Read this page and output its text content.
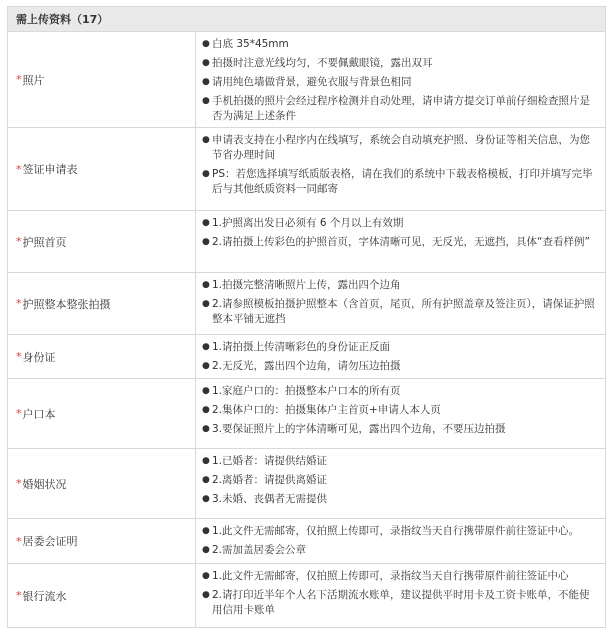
需上传资料（17）
* 照片
● 白底 35*45mm
● 拍摄时注意光线均匀，不要佩戴眼镜，露出双耳
● 请用纯色墙做背景，避免衣服与背景色相同
● 手机拍摄的照片会经过程序检测并自动处理，请申请方提交订单前仔细检查照片是否为满足上述条件
* 签证申请表
● 申请表支持在小程序内在线填写，系统会自动填充护照、身份证等相关信息，为您节省办理时间
● PS：若您选择填写纸质版表格，请在我们的系统中下载表格模板，打印并填写完毕后与其他纸质资料一同邮寄
* 护照首页
● 1.护照离出发日必须有 6 个月以上有效期
● 2.请拍摄上传彩色的护照首页，字体清晰可见，无反光，无遮挡，具体“查看样例”
* 护照整本整张拍摄
● 1.拍摄完整清晰照片上传，露出四个边角
● 2.请参照模板拍摄护照整本（含首页，尾页，所有护照盖章及签注页），请保证护照整本平铺无遮挡
* 身份证
● 1.请拍摄上传清晰彩色的身份证正反面
● 2.无反光，露出四个边角，请勿压边拍摄
* 户口本
● 1.家庭户口的：拍摄整本户口本的所有页
● 2.集体户口的：拍摄集体户主首页+申请人本人页
● 3.要保证照片上的字体清晰可见，露出四个边角，不要压边拍摄
* 婚姻状况
● 1.已婚者：请提供结婚证
● 2.离婚者：请提供离婚证
● 3.未婚、丧偶者无需提供
* 居委会证明
● 1.此文件无需邮寄，仅拍照上传即可，录指纹当天自行携带原件前往签证中心。
● 2.需加盖居委会公章
* 银行流水
● 1.此文件无需邮寄，仅拍照上传即可，录指纹当天自行携带原件前往签证中心
● 2.请打印近半年个人名下活期流水账单，建议提供平时用卡及工资卡账单，不能使用信用卡账单
